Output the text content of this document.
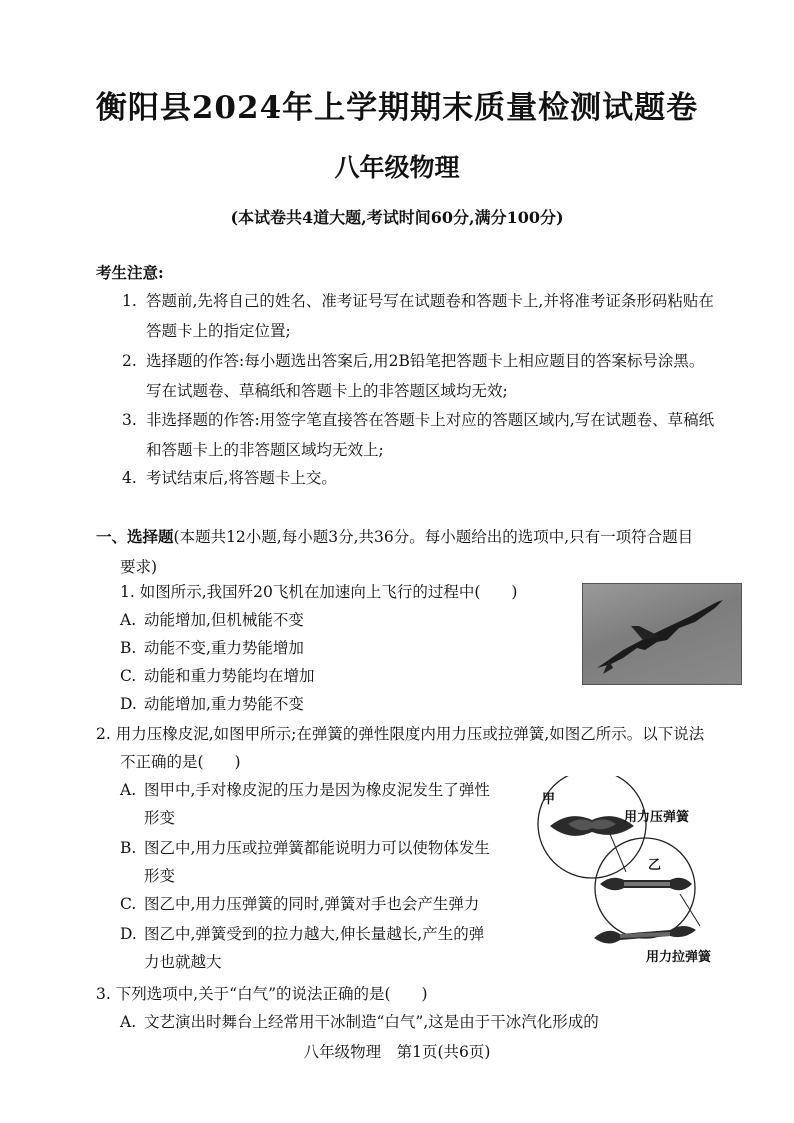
衡阳县2024年上学期期末质量检测试题卷
八年级物理
(本试卷共4道大题,考试时间60分,满分100分)
考生注意:
1. 答题前,先将自己的姓名、准考证号写在试题卷和答题卡上,并将准考证条形码粘贴在
答题卡上的指定位置;
2. 选择题的作答:每小题选出答案后,用2B铅笔把答题卡上相应题目的答案标号涂黑。
写在试题卷、草稿纸和答题卡上的非答题区域均无效;
3. 非选择题的作答:用签字笔直接答在答题卡上对应的答题区域内,写在试题卷、草稿纸
和答题卡上的非答题区域均无效上;
4. 考试结束后,将答题卡上交。
一、选择题(本题共12小题,每小题3分,共36分。每小题给出的选项中,只有一项符合题目
要求)
1. 如图所示,我国歼20飞机在加速向上飞行的过程中(　　)
A. 动能增加,但机械能不变
B. 动能不变,重力势能增加
C. 动能和重力势能均在增加
D. 动能增加,重力势能不变
2. 用力压橡皮泥,如图甲所示;在弹簧的弹性限度内用力压或拉弹簧,如图乙所示。以下说法
不正确的是(　　)
A. 图甲中,手对橡皮泥的压力是因为橡皮泥发生了弹性
形变
B. 图乙中,用力压或拉弹簧都能说明力可以使物体发生
形变
C. 图乙中,用力压弹簧的同时,弹簧对手也会产生弹力
D. 图乙中,弹簧受到的拉力越大,伸长量越长,产生的弹
力也就越大
甲
用力压弹簧
乙
用力拉弹簧
3. 下列选项中,关于“白气”的说法正确的是(　　)
A. 文艺演出时舞台上经常用干冰制造“白气”,这是由于干冰汽化形成的
八年级物理　第1页(共6页)
